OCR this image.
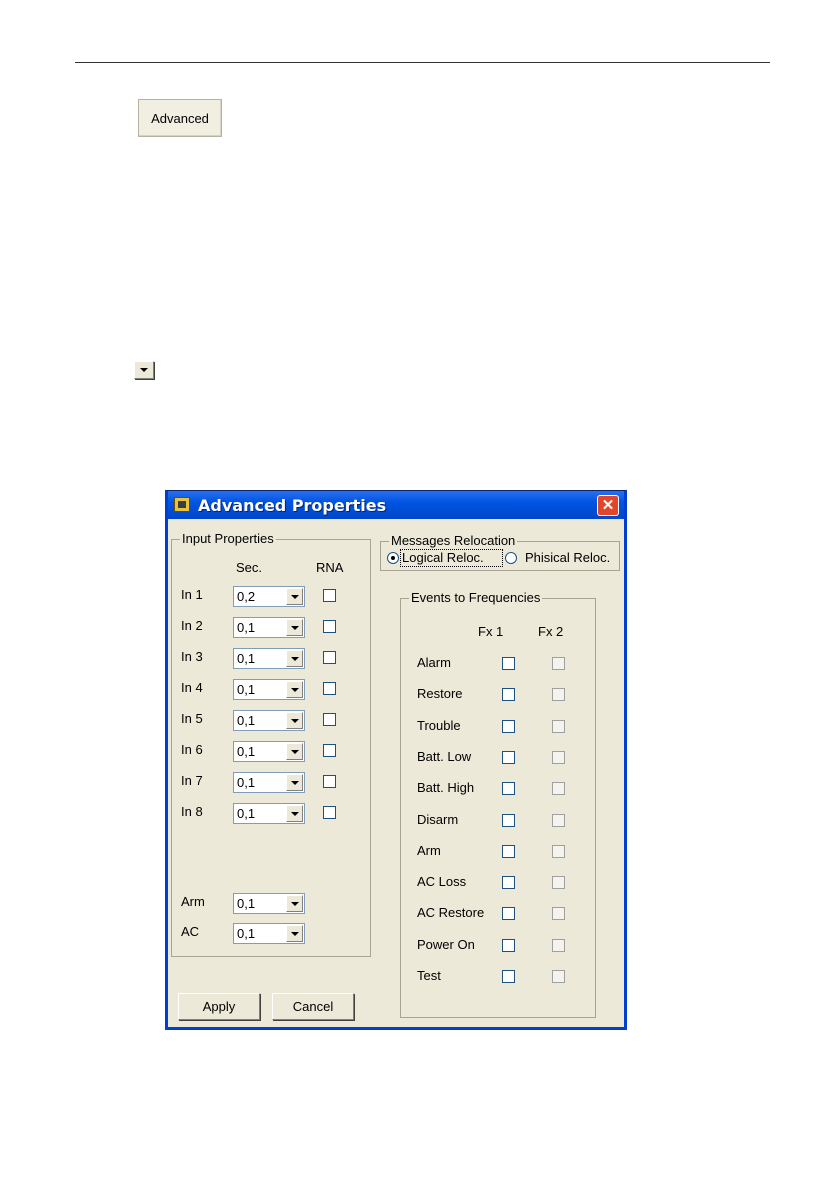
Advanced
Advanced Properties	✕
Input Properties
Sec.	RNA
In 1	0,2
In 2	0,1
In 3	0,1
In 4	0,1
In 5	0,1
In 6	0,1
In 7	0,1
In 8	0,1
Arm 0,1
AC	0,1
Apply	Cancel
Messages Relocation
Logical Reloc.	Phisical Reloc.
Events to Frequencies
Fx 1	Fx 2
Alarm
Restore
Trouble
Batt. Low
Batt. High
Disarm
Arm
AC Loss
AC Restore
Power On
Test
